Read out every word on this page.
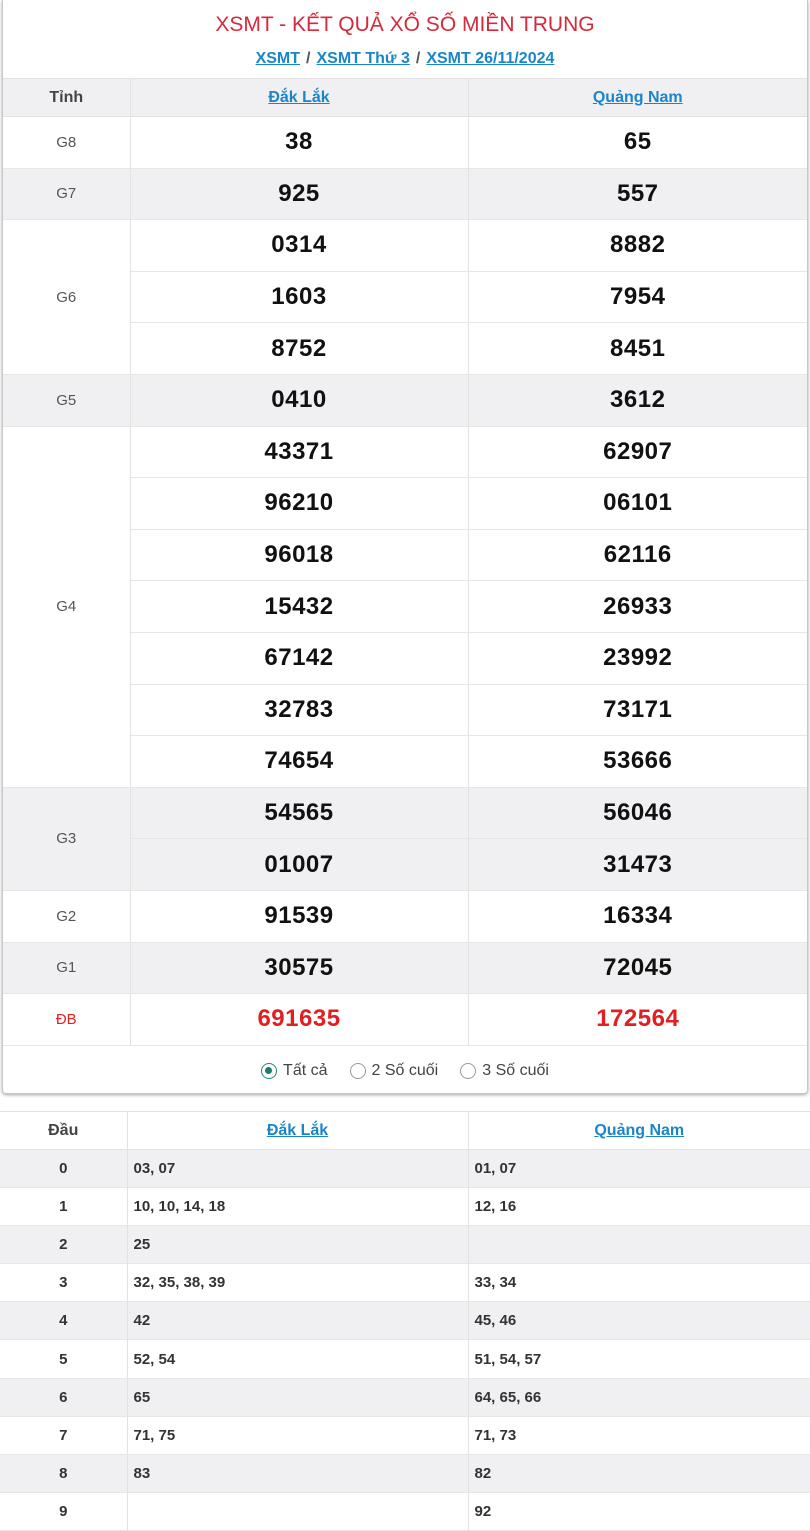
XSMT - KẾT QUẢ XỔ SỐ MIỀN TRUNG
XSMT / XSMT Thứ 3 / XSMT 26/11/2024
Tỉnh	Đắk Lắk	Quảng Nam
G8	38	65
G7	925	557
G6	0314	8882
	1603	7954
	8752	8451
G5	0410	3612
G4	43371	62907
	96210	06101
	96018	62116
	15432	26933
	67142	23992
	32783	73171
	74654	53666
G3	54565	56046
	01007	31473
G2	91539	16334
G1	30575	72045
ĐB	691635	172564
Tất cả	2 Số cuối	3 Số cuối
Đầu	Đắk Lắk	Quảng Nam
0	03, 07	01, 07
1	10, 10, 14, 18	12, 16
2	25	
3	32, 35, 38, 39	33, 34
4	42	45, 46
5	52, 54	51, 54, 57
6	65	64, 65, 66
7	71, 75	71, 73
8	83	82
9		92
